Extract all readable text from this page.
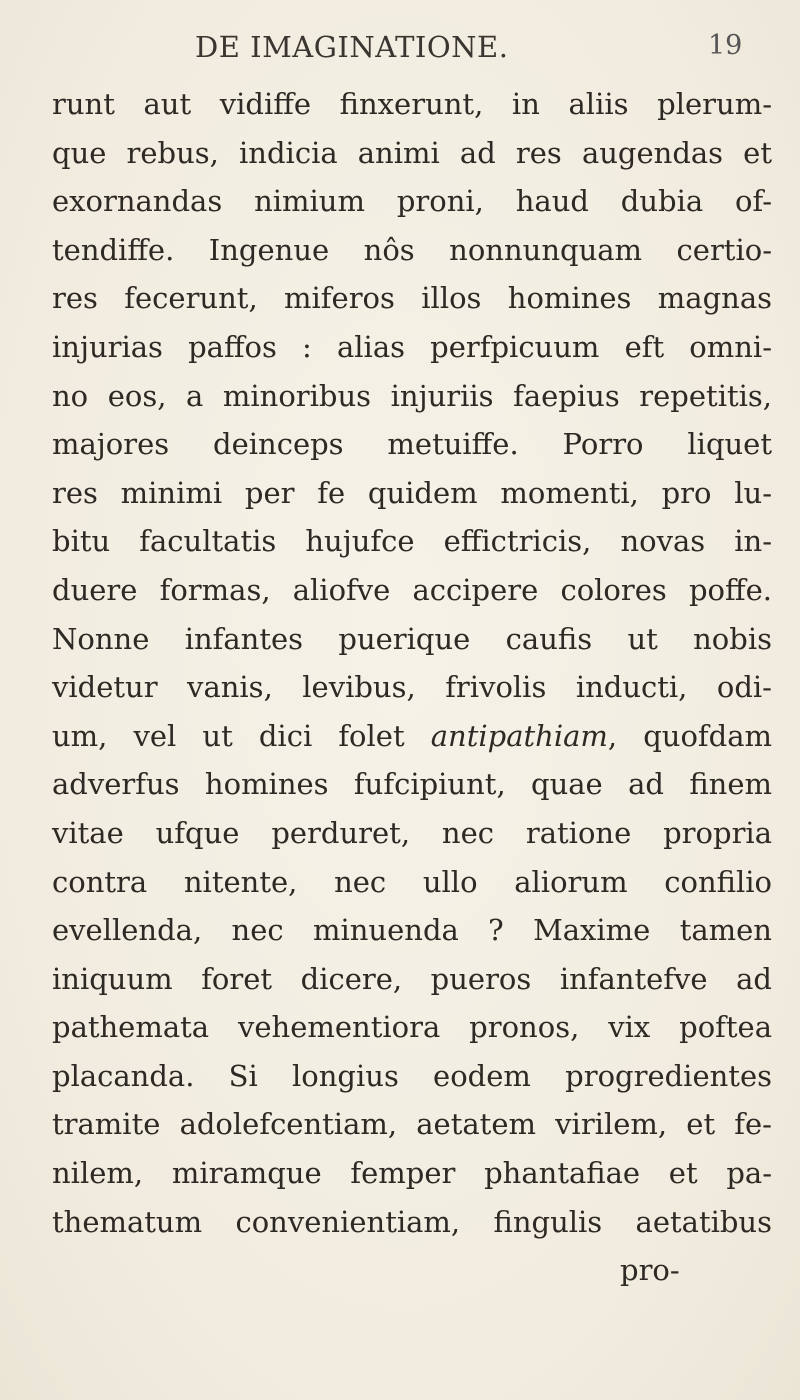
DE IMAGINATIONE.	19
runt aut vidiffe finxerunt, in aliis plerum-
que rebus, indicia animi ad res augendas et
exornandas nimium proni, haud dubia of-
tendiffe. Ingenue nôs nonnunquam certio-
res fecerunt, miferos illos homines magnas
injurias paffos : alias perfpicuum eft omni-
no eos, a minoribus injuriis faepius repetitis,
majores deinceps metuiffe. Porro liquet
res minimi per fe quidem momenti, pro lu-
bitu facultatis hujufce effictricis, novas in-
duere formas, aliofve accipere colores poffe.
Nonne infantes puerique caufis ut nobis
videtur vanis, levibus, frivolis inducti, odi-
um, vel ut dici folet antipathiam, quofdam
adverfus homines fufcipiunt, quae ad finem
vitae ufque perduret, nec ratione propria
contra nitente, nec ullo aliorum confilio
evellenda, nec minuenda ? Maxime tamen
iniquum foret dicere, pueros infantefve ad
pathemata vehementiora pronos, vix poftea
placanda. Si longius eodem progredientes
tramite adolefcentiam, aetatem virilem, et fe-
nilem, miramque femper phantafiae et pa-
thematum convenientiam, fingulis aetatibus
pro-
